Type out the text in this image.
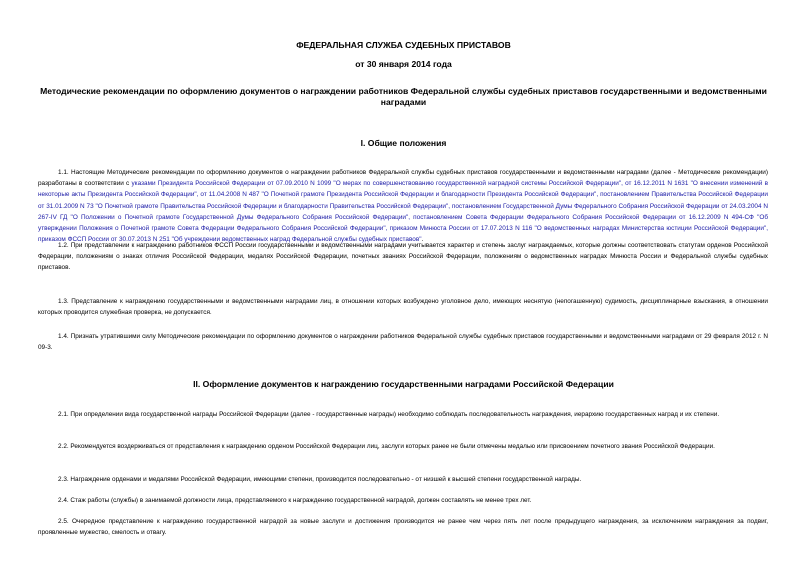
ФЕДЕРАЛЬНАЯ СЛУЖБА СУДЕБНЫХ ПРИСТАВОВ
от 30 января 2014 года
Методические рекомендации по оформлению документов о награждении работников Федеральной службы судебных приставов государственными и ведомственными наградами
I. Общие положения

1.1. Настоящие Методические рекомендации по оформлению документов о награждении работников Федеральной службы судебных приставов государственными и ведомственными наградами (далее - Методические рекомендации) разработаны в соответствии с указами Президента Российской Федерации от 07.09.2010 N 1099 "О мерах по совершенствованию государственной наградной системы Российской Федерации", от 16.12.2011 N 1631 "О внесении изменений в некоторые акты Президента Российской Федерации", от 11.04.2008 N 487 "О Почетной грамоте Президента Российской Федерации и благодарности Президента Российской Федерации", постановлением Правительства Российской Федерации от 31.01.2009 N 73 "О Почетной грамоте Правительства Российской Федерации и благодарности Правительства Российской Федерации", постановлением Государственной Думы Федерального Собрания Российской Федерации от 24.03.2004 N 267-IV ГД "О Положении о Почетной грамоте Государственной Думы Федерального Собрания Российской Федерации", постановлением Совета Федерации Федерального Собрания Российской Федерации от 16.12.2009 N 494-СФ "Об утверждении Положения о Почетной грамоте Совета Федерации Федерального Собрания Российской Федерации", приказом Минюста России от 17.07.2013 N 116 "О ведомственных наградах Министерства юстиции Российской Федерации", приказом ФССП России от 30.07.2013 N 251 "Об учреждении ведомственных наград Федеральной службы судебных приставов".

1.2. При представлении к награждению работников ФССП России государственными и ведомственными наградами учитывается характер и степень заслуг награждаемых, которые должны соответствовать статутам орденов Российской Федерации, положениям о знаках отличия Российской Федерации, медалях Российской Федерации, почетных званиях Российской Федерации, положениям о ведомственных наградах Минюста России и Федеральной службы судебных приставов.

1.3. Представление к награждению государственными и ведомственными наградами лиц, в отношении которых возбуждено уголовное дело, имеющих неснятую (непогашенную) судимость, дисциплинарные взыскания, в отношении которых проводится служебная проверка, не допускается.

1.4. Признать утратившими силу Методические рекомендации по оформлению документов о награждении работников Федеральной службы судебных приставов государственными и ведомственными наградами от 29 февраля 2012 г. N 09-3.

II. Оформление документов к награждению государственными наградами Российской Федерации

2.1. При определении вида государственной награды Российской Федерации (далее - государственные награды) необходимо соблюдать последовательность награждения, иерархию государственных наград и их степени.

2.2. Рекомендуется воздерживаться от представления к награждению орденом Российской Федерации лиц, заслуги которых ранее не были отмечены медалью или присвоением почетного звания Российской Федерации.

2.3. Награждение орденами и медалями Российской Федерации, имеющими степени, производится последовательно - от низшей к высшей степени государственной награды.

2.4. Стаж работы (службы) в занимаемой должности лица, представляемого к награждению государственной наградой, должен составлять не менее трех лет.

2.5. Очередное представление к награждению государственной наградой за новые заслуги и достижения производится не ранее чем через пять лет после предыдущего награждения, за исключением награждения за подвиг, проявленные мужество, смелость и отвагу.
